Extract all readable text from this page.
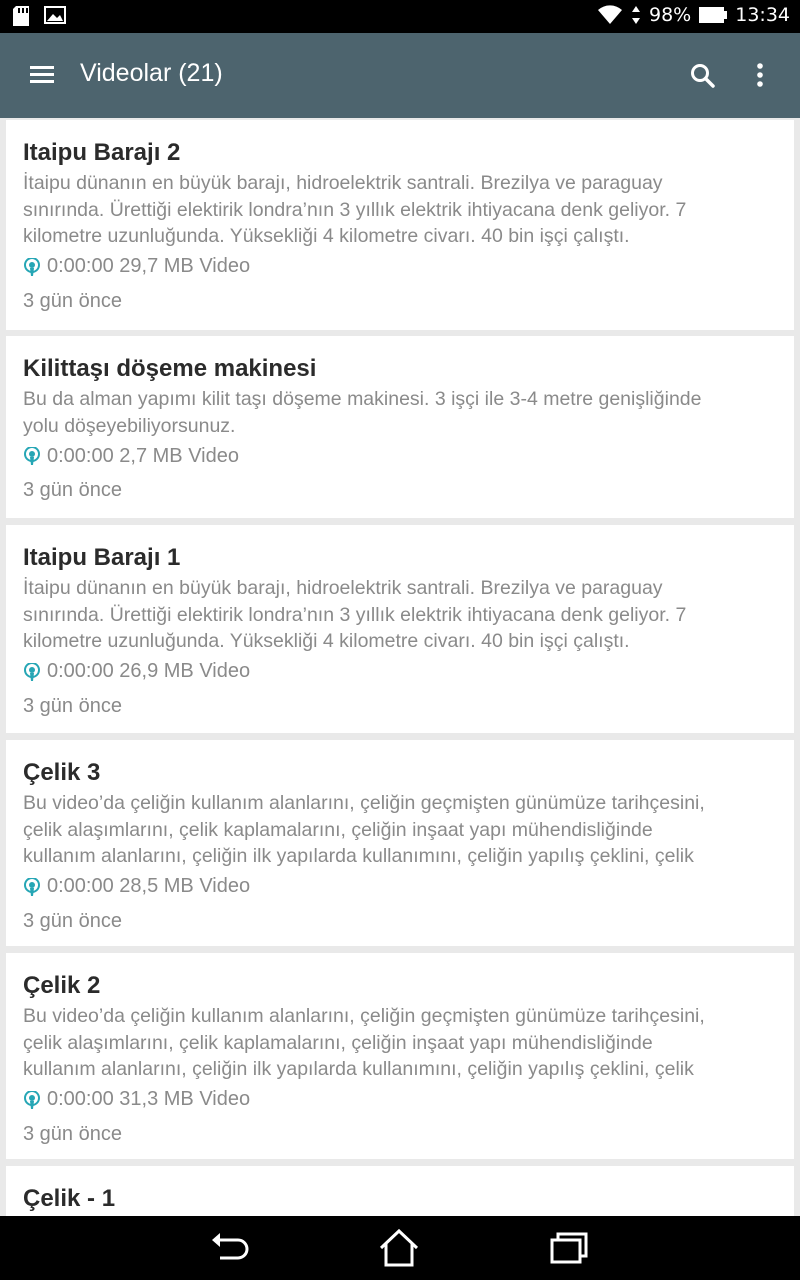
98% 13:34
Videolar (21)
Itaipu Barajı 2
İtaipu dünanın en büyük barajı, hidroelektrik santrali. Brezilya ve paraguay
sınırında. Ürettiği elektirik londra’nın 3 yıllık elektrik ihtiyacana denk geliyor. 7
kilometre uzunluğunda. Yüksekliği 4 kilometre civarı. 40 bin işçi çalıştı.
0:00:00 29,7 MB Video
3 gün önce
Kilittaşı döşeme makinesi
Bu da alman yapımı kilit taşı döşeme makinesi. 3 işçi ile 3-4 metre genişliğinde
yolu döşeyebiliyorsunuz.
0:00:00 2,7 MB Video
3 gün önce
Itaipu Barajı 1
İtaipu dünanın en büyük barajı, hidroelektrik santrali. Brezilya ve paraguay
sınırında. Ürettiği elektirik londra’nın 3 yıllık elektrik ihtiyacana denk geliyor. 7
kilometre uzunluğunda. Yüksekliği 4 kilometre civarı. 40 bin işçi çalıştı.
0:00:00 26,9 MB Video
3 gün önce
Çelik 3
Bu video’da çeliğin kullanım alanlarını, çeliğin geçmişten günümüze tarihçesini,
çelik alaşımlarını, çelik kaplamalarını, çeliğin inşaat yapı mühendisliğinde
kullanım alanlarını, çeliğin ilk yapılarda kullanımını, çeliğin yapılış çeklini, çelik
0:00:00 28,5 MB Video
3 gün önce
Çelik 2
Bu video’da çeliğin kullanım alanlarını, çeliğin geçmişten günümüze tarihçesini,
çelik alaşımlarını, çelik kaplamalarını, çeliğin inşaat yapı mühendisliğinde
kullanım alanlarını, çeliğin ilk yapılarda kullanımını, çeliğin yapılış çeklini, çelik
0:00:00 31,3 MB Video
3 gün önce
Çelik - 1
